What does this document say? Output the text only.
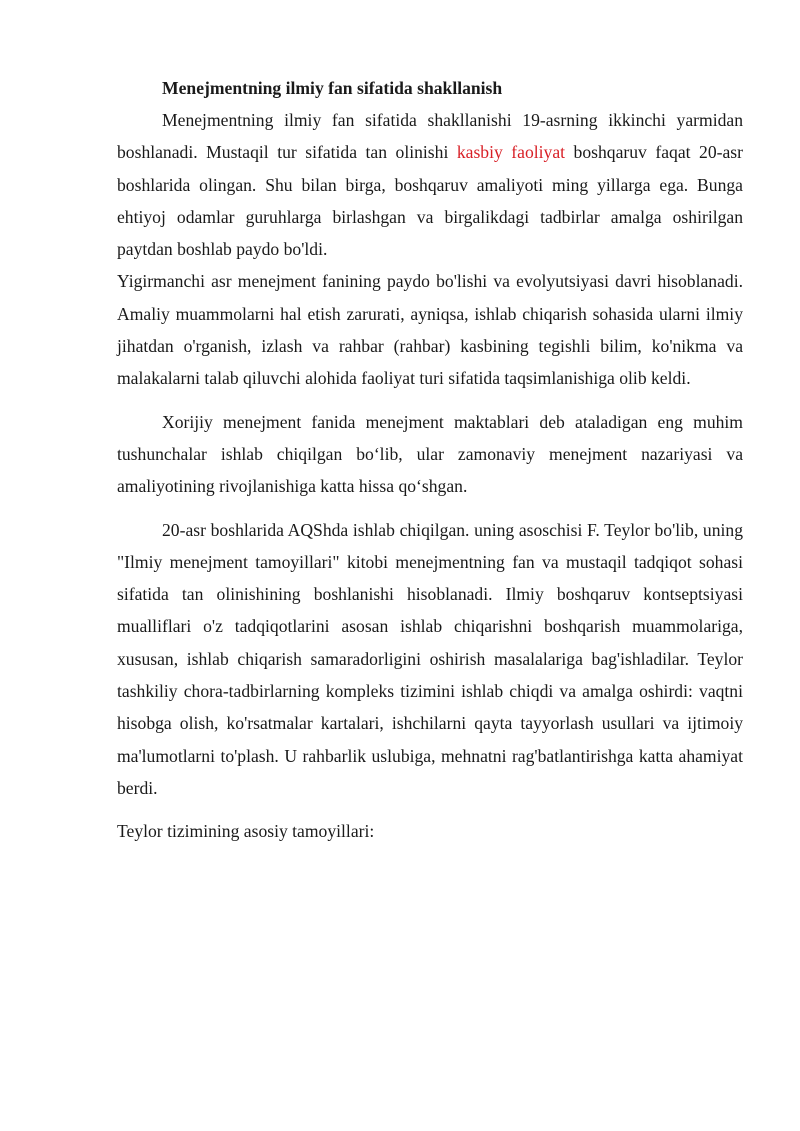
Menejmentning ilmiy fan sifatida shakllanish

Menejmentning ilmiy fan sifatida shakllanishi 19-asrning ikkinchi yarmidan boshlanadi. Mustaqil tur sifatida tan olinishi kasbiy faoliyat boshqaruv faqat 20-asr boshlarida olingan. Shu bilan birga, boshqaruv amaliyoti ming yillarga ega. Bunga ehtiyoj odamlar guruhlarga birlashgan va birgalikdagi tadbirlar amalga oshirilgan paytdan boshlab paydo bo'ldi.

Yigirmanchi asr menejment fanining paydo bo'lishi va evolyutsiyasi davri hisoblanadi. Amaliy muammolarni hal etish zarurati, ayniqsa, ishlab chiqarish sohasida ularni ilmiy jihatdan o'rganish, izlash va rahbar (rahbar) kasbining tegishli bilim, ko'nikma va malakalarni talab qiluvchi alohida faoliyat turi sifatida taqsimlanishiga olib keldi.

Xorijiy menejment fanida menejment maktablari deb ataladigan eng muhim tushunchalar ishlab chiqilgan bo‘lib, ular zamonaviy menejment nazariyasi va amaliyotining rivojlanishiga katta hissa qo‘shgan.

20-asr boshlarida AQShda ishlab chiqilgan. uning asoschisi F. Teylor bo'lib, uning "Ilmiy menejment tamoyillari" kitobi menejmentning fan va mustaqil tadqiqot sohasi sifatida tan olinishining boshlanishi hisoblanadi. Ilmiy boshqaruv kontseptsiyasi mualliflari o'z tadqiqotlarini asosan ishlab chiqarishni boshqarish muammolariga, xususan, ishlab chiqarish samaradorligini oshirish masalalariga bag'ishladilar. Teylor tashkiliy chora-tadbirlarning kompleks tizimini ishlab chiqdi va amalga oshirdi: vaqtni hisobga olish, ko'rsatmalar kartalari, ishchilarni qayta tayyorlash usullari va ijtimoiy ma'lumotlarni to'plash. U rahbarlik uslubiga, mehnatni rag'batlantirishga katta ahamiyat berdi.

Teylor tizimining asosiy tamoyillari:
